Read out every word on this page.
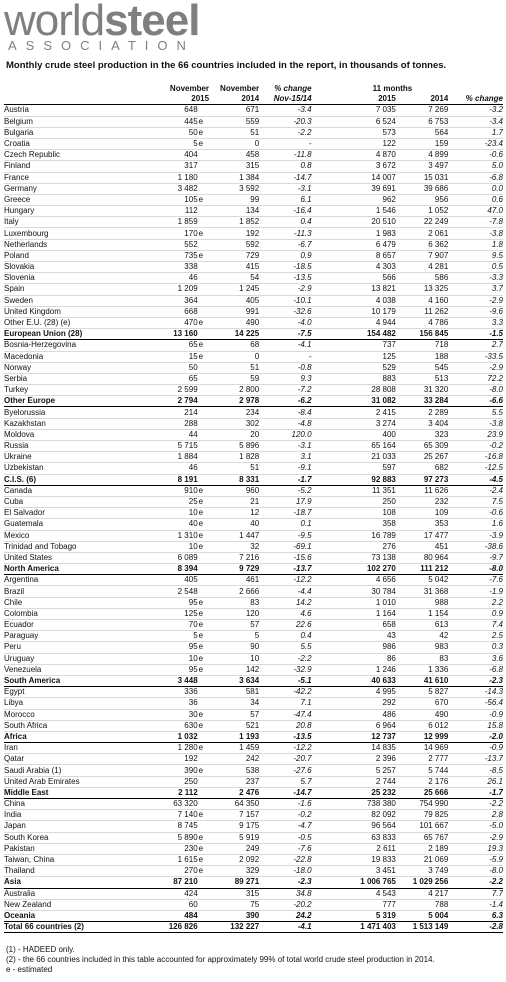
worldsteel
ASSOCIATION
Monthly crude steel production in the 66 countries included in the report, in thousands of tonnes.
	November		November	% change		11 months		
	2015		2014	Nov-15/14		2015	2014	% change
Austria	648		671	-3.4		7 035	7 269	-3.2
Belgium	445	e	559	-20.3		6 524	6 753	-3.4
Bulgaria	50	e	51	-2.2		573	564	1.7
Croatia	5	e	0	-		122	159	-23.4
Czech Republic	404		458	-11.8		4 870	4 899	-0.6
Finland	317		315	0.8		3 672	3 497	5.0
France	1 180		1 384	-14.7		14 007	15 031	-6.8
Germany	3 482		3 592	-3.1		39 691	39 686	0.0
Greece	105	e	99	6.1		962	956	0.6
Hungary	112		134	-16.4		1 546	1 052	47.0
Italy	1 859		1 852	0.4		20 510	22 249	-7.8
Luxembourg	170	e	192	-11.3		1 983	2 061	-3.8
Netherlands	552		592	-6.7		6 479	6 362	1.8
Poland	735	e	729	0.9		8 657	7 907	9.5
Slovakia	338		415	-18.5		4 303	4 281	0.5
Slovenia	46		54	-13.5		566	586	-3.3
Spain	1 209		1 245	-2.9		13 821	13 325	3.7
Sweden	364		405	-10.1		4 038	4 160	-2.9
United Kingdom	668		991	-32.6		10 179	11 262	-9.6
Other E.U. (28) (e)	470	e	490	-4.0		4 944	4 786	3.3
European Union (28)	13 160		14 225	-7.5		154 482	156 845	-1.5
Bosnia-Herzegovina	65	e	68	-4.1		737	718	2.7
Macedonia	15	e	0	-		125	188	-33.5
Norway	50		51	-0.8		529	545	-2.9
Serbia	65		59	9.3		883	513	72.2
Turkey	2 599		2 800	-7.2		28 808	31 320	-8.0
Other Europe	2 794		2 978	-6.2		31 082	33 284	-6.6
Byelorussia	214		234	-8.4		2 415	2 289	5.5
Kazakhstan	288		302	-4.8		3 274	3 404	-3.8
Moldova	44		20	120.0		400	323	23.9
Russia	5 715		5 896	-3.1		65 164	65 309	-0.2
Ukraine	1 884		1 828	3.1		21 033	25 267	-16.8
Uzbekistan	46		51	-9.1		597	682	-12.5
C.I.S. (6)	8 191		8 331	-1.7		92 883	97 273	-4.5
Canada	910	e	960	-5.2		11 351	11 626	-2.4
Cuba	25	e	21	17.9		250	232	7.5
El Salvador	10	e	12	-18.7		108	109	-0.6
Guatemala	40	e	40	0.1		358	353	1.6
Mexico	1 310	e	1 447	-9.5		16 789	17 477	-3.9
Trinidad and Tobago	10	e	32	-69.1		276	451	-38.6
United States	6 089		7 216	-15.6		73 138	80 964	-9.7
North America	8 394		9 729	-13.7		102 270	111 212	-8.0
Argentina	405		461	-12.2		4 656	5 042	-7.6
Brazil	2 548		2 666	-4.4		30 784	31 368	-1.9
Chile	95	e	83	14.2		1 010	988	2.2
Colombia	125	e	120	4.6		1 164	1 154	0.9
Ecuador	70	e	57	22.6		658	613	7.4
Paraguay	5	e	5	0.4		43	42	2.5
Peru	95	e	90	5.5		986	983	0.3
Uruguay	10	e	10	-2.2		86	83	3.6
Venezuela	95	e	142	-32.9		1 246	1 336	-6.8
South America	3 448		3 634	-5.1		40 633	41 610	-2.3
Egypt	336		581	-42.2		4 995	5 827	-14.3
Libya	36		34	7.1		292	670	-56.4
Morocco	30	e	57	-47.4		486	490	-0.9
South Africa	630	e	521	20.8		6 964	6 012	15.8
Africa	1 032		1 193	-13.5		12 737	12 999	-2.0
Iran	1 280	e	1 459	-12.2		14 835	14 969	-0.9
Qatar	192		242	-20.7		2 396	2 777	-13.7
Saudi Arabia (1)	390	e	538	-27.6		5 257	5 744	-8.5
United Arab Emirates	250		237	5.7		2 744	2 176	26.1
Middle East	2 112		2 476	-14.7		25 232	25 666	-1.7
China	63 320		64 350	-1.6		738 380	754 990	-2.2
India	7 140	e	7 157	-0.2		82 092	79 825	2.8
Japan	8 745		9 175	-4.7		96 564	101 667	-5.0
South Korea	5 890	e	5 919	-0.5		63 833	65 767	-2.9
Pakistan	230	e	249	-7.6		2 611	2 189	19.3
Taiwan, China	1 615	e	2 092	-22.8		19 833	21 069	-5.9
Thailand	270	e	329	-18.0		3 451	3 749	-8.0
Asia	87 210		89 271	-2.3		1 006 765	1 029 256	-2.2
Australia	424		315	34.8		4 543	4 217	7.7
New Zealand	60		75	-20.2		777	788	-1.4
Oceania	484		390	24.2		5 319	5 004	6.3
Total 66 countries (2)	126 826		132 227	-4.1		1 471 403	1 513 149	-2.8
(1) - HADEED only.
(2) - the 66 countries included in this table accounted for approximately 99% of total world crude steel production in 2014.
e - estimated
